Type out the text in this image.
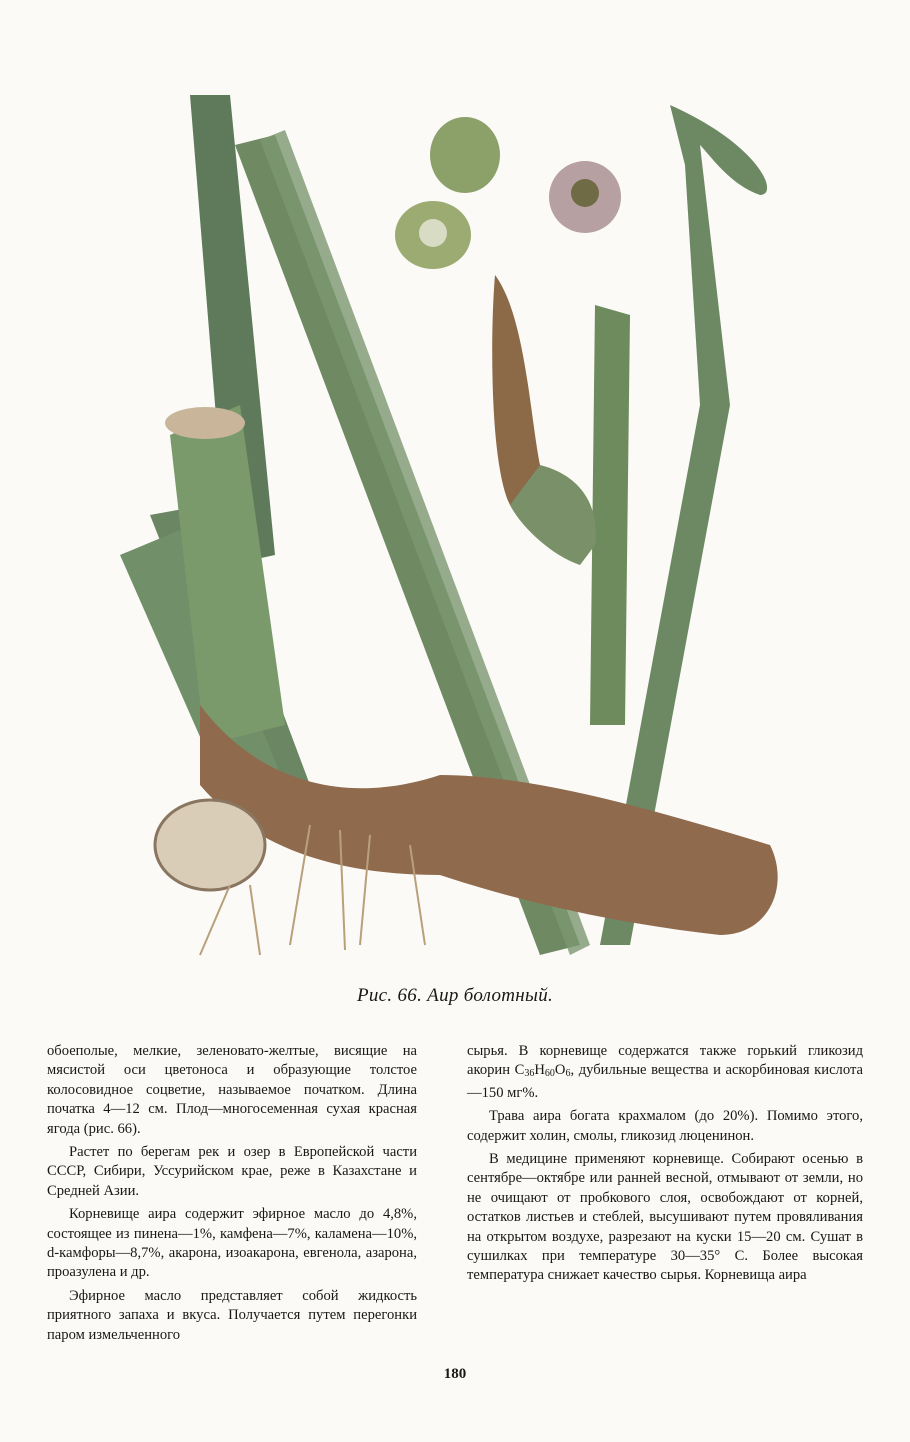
Рис. 66. Аир болотный.

обоеполые, мелкие, зеленовато-желтые, висящие на мясистой оси цветоноса и образующие толстое колосовидное соцветие, называемое початком. Длина початка 4—12 см. Плод—многосеменная сухая красная ягода (рис. 66).

Растет по берегам рек и озер в Европейской части СССР, Сибири, Уссурийском крае, реже в Казахстане и Средней Азии.

Корневище аира содержит эфирное масло до 4,8%, состоящее из пинена—1%, камфена—7%, каламена—10%, d-камфоры—8,7%, акарона, изоакарона, евгенола, азарона, проазулена и др.

Эфирное масло представляет собой жидкость приятного запаха и вкуса. Получается путем перегонки паром измельченного

сырья. В корневище содержатся также горький гликозид акорин $C_{36}H_{60}O_6$, дубильные вещества и аскорбиновая кислота—150 мг%.

Трава аира богата крахмалом (до 20%). Помимо этого, содержит холин, смолы, гликозид люценинон.

В медицине применяют корневище. Собирают осенью в сентябре—октябре или ранней весной, отмывают от земли, но не очищают от пробкового слоя, освобождают от корней, остатков листьев и стеблей, высушивают путем провяливания на открытом воздухе, разрезают на куски 15—20 см. Сушат в сушилках при температуре 30—35° С. Более высокая температура снижает качество сырья. Корневища аира

180
